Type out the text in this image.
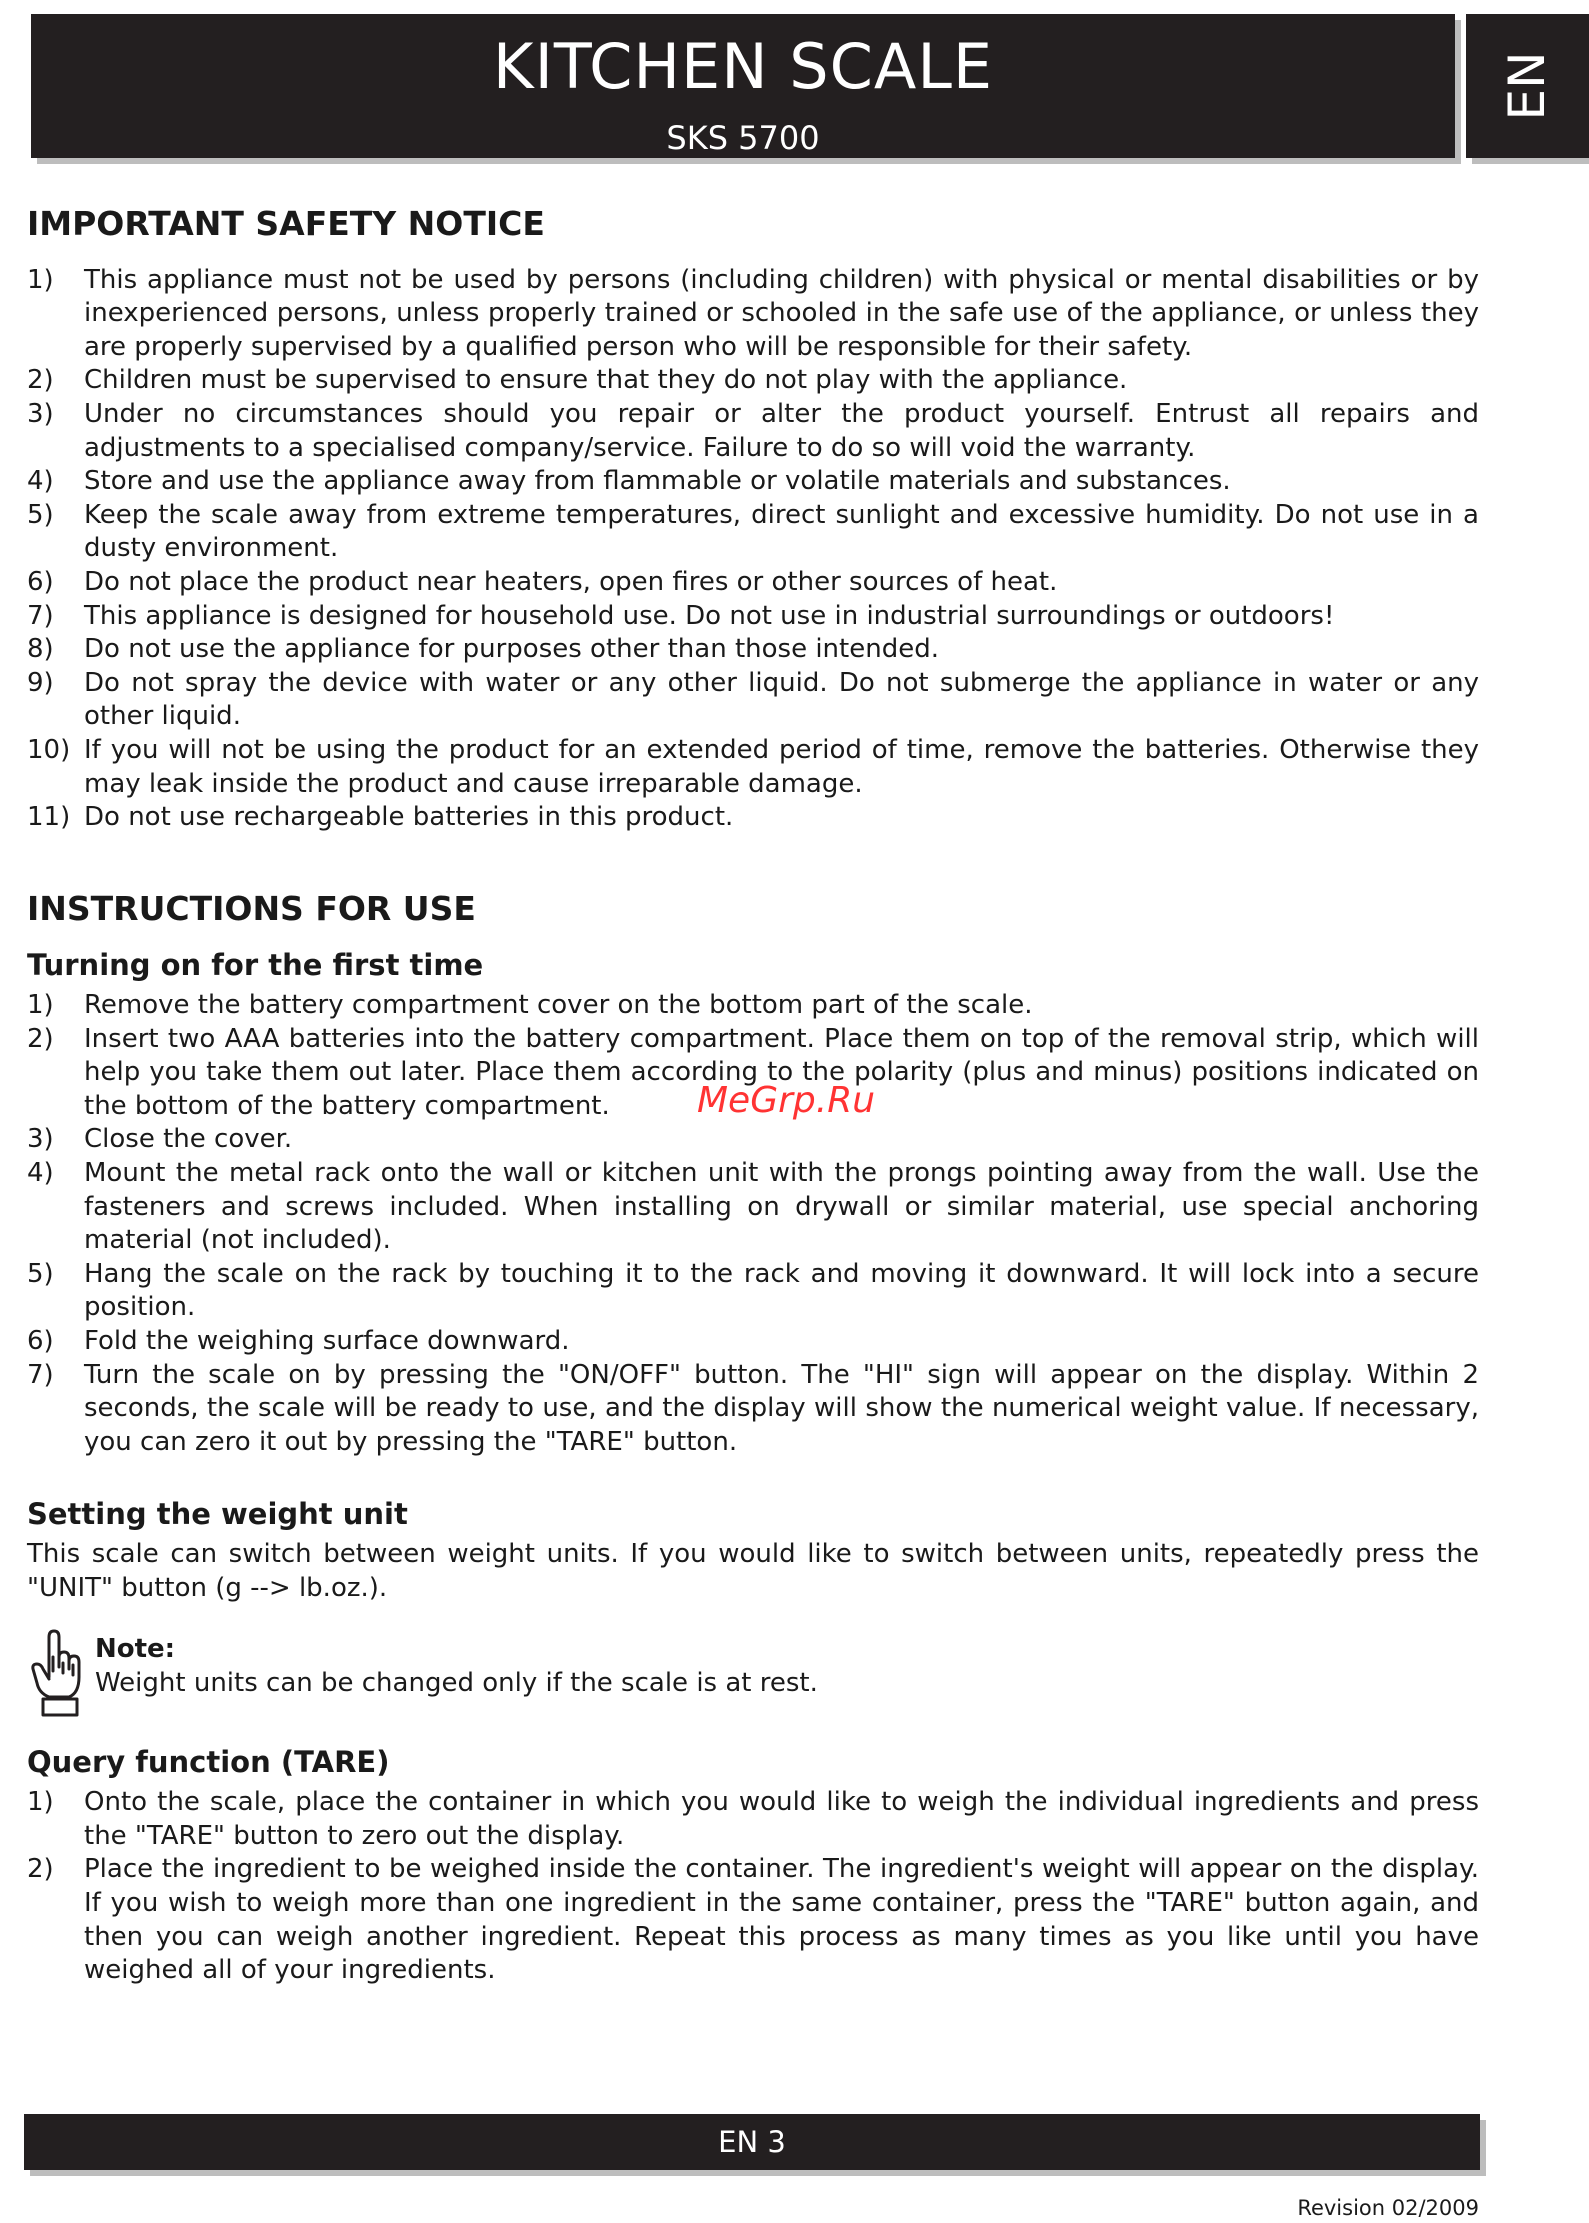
KITCHEN SCALE
SKS 5700
EN
IMPORTANT SAFETY NOTICE
1)	This appliance must not be used by persons (including children) with physical or mental disabilities or by inexperienced persons, unless properly trained or schooled in the safe use of the appliance, or unless they are properly supervised by a qualified person who will be responsible for their safety.
2)	Children must be supervised to ensure that they do not play with the appliance.
3)	Under no circumstances should you repair or alter the product yourself. Entrust all repairs and adjustments to a specialised company/service. Failure to do so will void the warranty.
4)	Store and use the appliance away from flammable or volatile materials and substances.
5)	Keep the scale away from extreme temperatures, direct sunlight and excessive humidity. Do not use in a dusty environment.
6)	Do not place the product near heaters, open fires or other sources of heat.
7)	This appliance is designed for household use. Do not use in industrial surroundings or outdoors!
8)	Do not use the appliance for purposes other than those intended.
9)	Do not spray the device with water or any other liquid. Do not submerge the appliance in water or any other liquid.
10) If you will not be using the product for an extended period of time, remove the batteries. Otherwise they may leak inside the product and cause irreparable damage.
11) Do not use rechargeable batteries in this product.
INSTRUCTIONS FOR USE
Turning on for the first time
1)	Remove the battery compartment cover on the bottom part of the scale.
2)	Insert two AAA batteries into the battery compartment. Place them on top of the removal strip, which will help you take them out later. Place them according to the polarity (plus and minus) positions indicated on the bottom of the battery compartment.
3)	Close the cover.
4)	Mount the metal rack onto the wall or kitchen unit with the prongs pointing away from the wall. Use the fasteners and screws included. When installing on drywall or similar material, use special anchoring material (not included).
5)	Hang the scale on the rack by touching it to the rack and moving it downward. It will lock into a secure position.
6)	Fold the weighing surface downward.
7)	Turn the scale on by pressing the "ON/OFF" button. The "HI" sign will appear on the display. Within 2 seconds, the scale will be ready to use, and the display will show the numerical weight value. If necessary, you can zero it out by pressing the "TARE" button.
Setting the weight unit

This scale can switch between weight units. If you would like to switch between units, repeatedly press the "UNIT" button (g --> lb.oz.).

Note:
Weight units can be changed only if the scale is at rest.
Query function (TARE)
1)	Onto the scale, place the container in which you would like to weigh the individual ingredients and press the "TARE" button to zero out the display.
2)	Place the ingredient to be weighed inside the container. The ingredient's weight will appear on the display. If you wish to weigh more than one ingredient in the same container, press the "TARE" button again, and then you can weigh another ingredient. Repeat this process as many times as you like until you have weighed all of your ingredients.
MeGrp.Ru
EN 3
Revision 02/2009
